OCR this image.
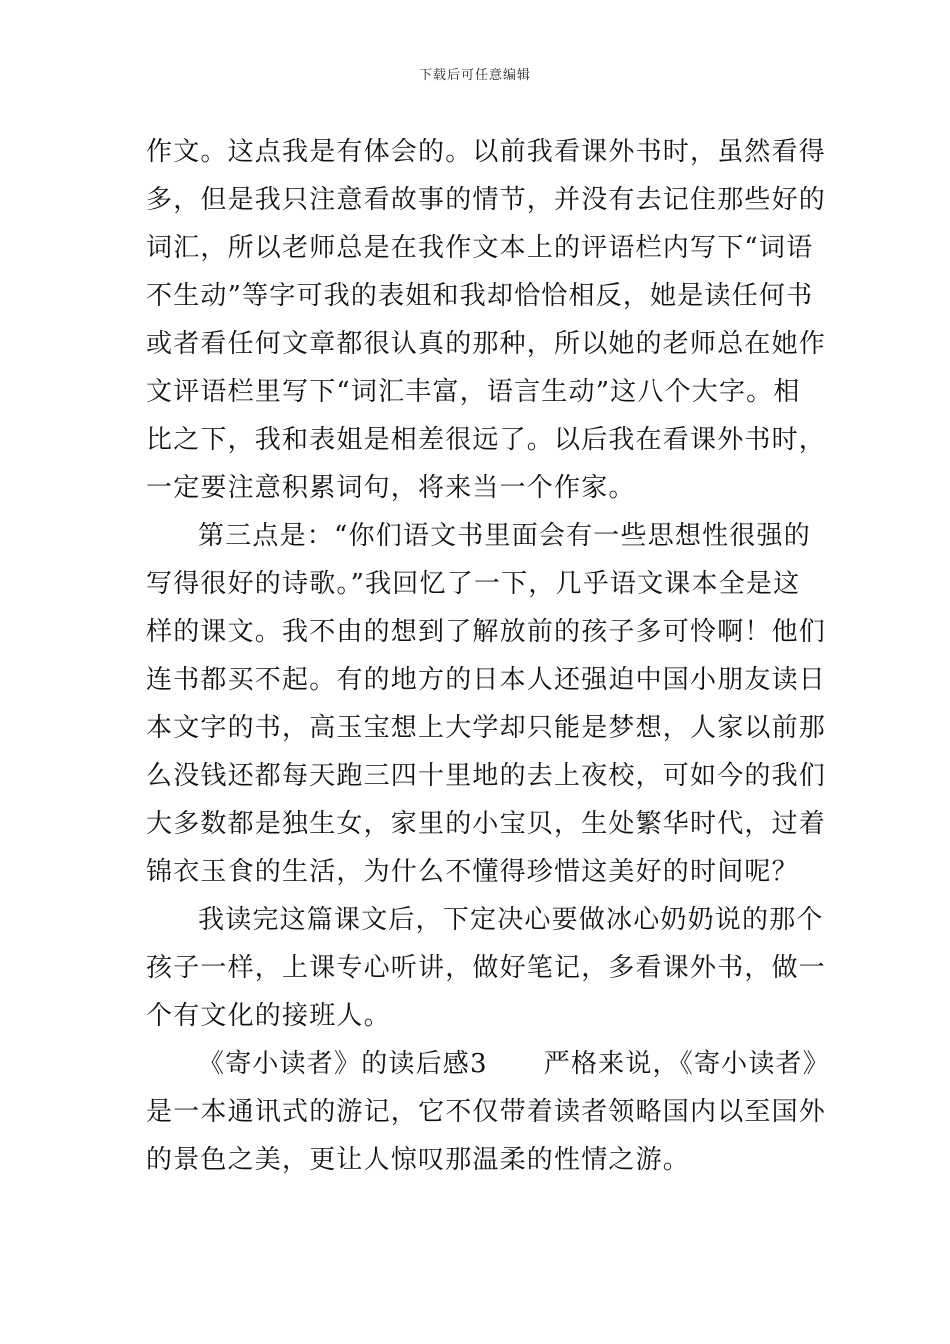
下载后可任意编辑
作文。这点我是有体会的。以前我看课外书时，虽然看得
多，但是我只注意看故事的情节，并没有去记住那些好的
词汇，所以老师总是在我作文本上的评语栏内写下“词语
不生动”等字可我的表姐和我却恰恰相反，她是读任何书
或者看任何文章都很认真的那种，所以她的老师总在她作
文评语栏里写下“词汇丰富，语言生动”这八个大字。相
比之下，我和表姐是相差很远了。以后我在看课外书时，
一定要注意积累词句，将来当一个作家。
第三点是：“你们语文书里面会有一些思想性很强的
写得很好的诗歌。”我回忆了一下，几乎语文课本全是这
样的课文。我不由的想到了解放前的孩子多可怜啊！他们
连书都买不起。有的地方的日本人还强迫中国小朋友读日
本文字的书，高玉宝想上大学却只能是梦想，人家以前那
么没钱还都每天跑三四十里地的去上夜校，可如今的我们
大多数都是独生女，家里的小宝贝，生处繁华时代，过着
锦衣玉食的生活，为什么不懂得珍惜这美好的时间呢？
我读完这篇课文后，下定决心要做冰心奶奶说的那个
孩子一样，上课专心听讲，做好笔记，多看课外书，做一
个有文化的接班人。
《寄小读者》的读后感3 严格来说，《寄小读者》
是一本通讯式的游记，它不仅带着读者领略国内以至国外
的景色之美，更让人惊叹那温柔的性情之游。
